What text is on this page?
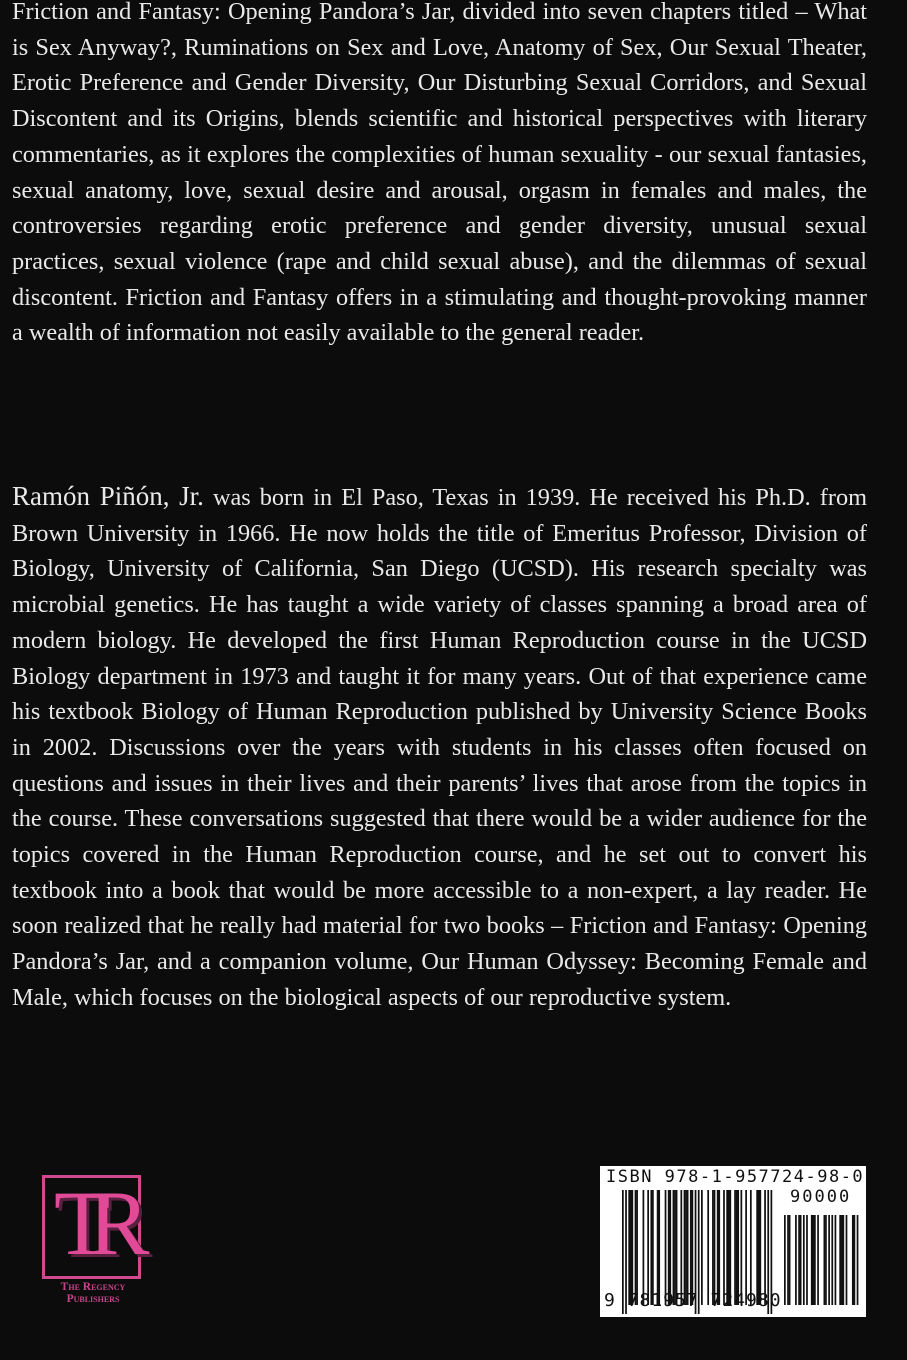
Friction and Fantasy: Opening Pandora’s Jar, divided into seven chapters titled – What is Sex Anyway?, Ruminations on Sex and Love, Anatomy of Sex, Our Sexual Theater, Erotic Preference and Gender Diversity, Our Disturbing Sexual Corridors, and Sexual Discontent and its Origins, blends scientific and historical perspectives with literary commentaries, as it explores the complexities of human sexuality - our sexual fantasies, sexual anatomy, love, sexual desire and arousal, orgasm in females and males, the controversies regarding erotic preference and gender diversity, unusual sexual practices, sexual violence (rape and child sexual abuse), and the dilemmas of sexual discontent. Friction and Fantasy offers in a stimulating and thought-provoking manner a wealth of information not easily available to the general reader.

Ramón Piñón, Jr. was born in El Paso, Texas in 1939. He received his Ph.D. from Brown University in 1966. He now holds the title of Emeritus Professor, Division of Biology, University of California, San Diego (UCSD). His research specialty was microbial genetics. He has taught a wide variety of classes spanning a broad area of modern biology. He developed the first Human Reproduction course in the UCSD Biology department in 1973 and taught it for many years. Out of that experience came his textbook Biology of Human Reproduction published by University Science Books in 2002. Discussions over the years with students in his classes often focused on questions and issues in their lives and their parents’ lives that arose from the topics in the course. These conversations suggested that there would be a wider audience for the topics covered in the Human Reproduction course, and he set out to convert his textbook into a book that would be more accessible to a non-expert, a lay reader. He soon realized that he really had material for two books – Friction and Fantasy: Opening Pandora’s Jar, and a companion volume, Our Human Odyssey: Becoming Female and Male, which focuses on the biological aspects of our reproductive system.

TR
The Regency Publishers
ISBN 978-1-957724-98-0
90000
9 781957 724980
